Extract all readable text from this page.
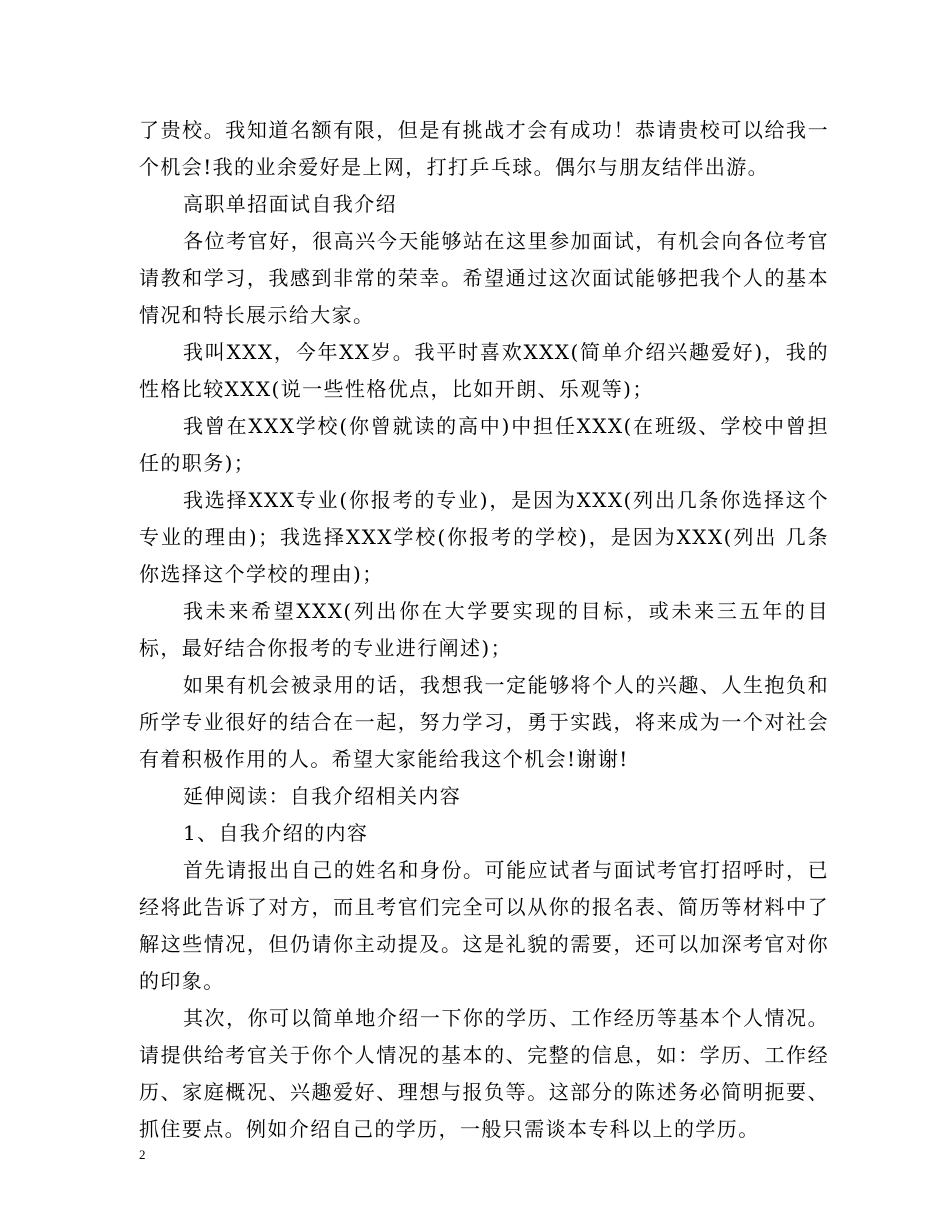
了贵校。我知道名额有限，但是有挑战才会有成功！恭请贵校可以给我一个机会!我的业余爱好是上网，打打乒乓球。偶尔与朋友结伴出游。

高职单招面试自我介绍

各位考官好，很高兴今天能够站在这里参加面试，有机会向各位考官请教和学习，我感到非常的荣幸。希望通过这次面试能够把我个人的基本情况和特长展示给大家。

我叫XXX，今年XX岁。我平时喜欢XXX(简单介绍兴趣爱好)，我的性格比较XXX(说一些性格优点，比如开朗、乐观等)；

我曾在XXX学校(你曾就读的高中)中担任XXX(在班级、学校中曾担任的职务)；

我选择XXX专业(你报考的专业)，是因为XXX(列出几条你选择这个专业的理由)；我选择XXX学校(你报考的学校)，是因为XXX(列出 几条你选择这个学校的理由)；

我未来希望XXX(列出你在大学要实现的目标，或未来三五年的目标，最好结合你报考的专业进行阐述)；

如果有机会被录用的话，我想我一定能够将个人的兴趣、人生抱负和所学专业很好的结合在一起，努力学习，勇于实践，将来成为一个对社会有着积极作用的人。希望大家能给我这个机会!谢谢!

延伸阅读：自我介绍相关内容

1、自我介绍的内容

首先请报出自己的姓名和身份。可能应试者与面试考官打招呼时，已经将此告诉了对方，而且考官们完全可以从你的报名表、简历等材料中了解这些情况，但仍请你主动提及。这是礼貌的需要，还可以加深考官对你的印象。

其次，你可以简单地介绍一下你的学历、工作经历等基本个人情况。请提供给考官关于你个人情况的基本的、完整的信息，如：学历、工作经历、家庭概况、兴趣爱好、理想与报负等。这部分的陈述务必简明扼要、抓住要点。例如介绍自己的学历，一般只需谈本专科以上的学历。

2
